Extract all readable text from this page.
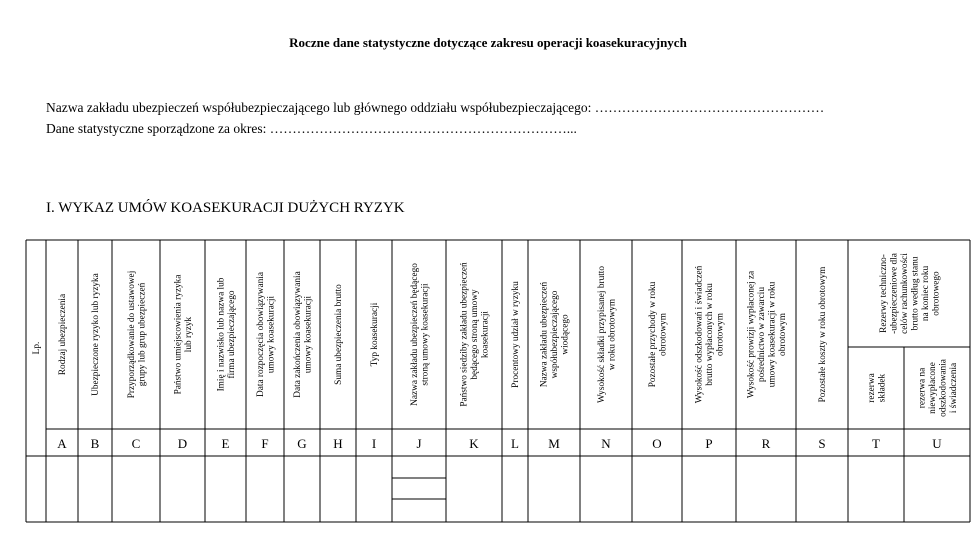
Roczne dane statystyczne dotyczące zakresu operacji koasekuracyjnych
Nazwa zakładu ubezpieczeń współubezpieczającego lub głównego oddziału współubezpieczającego: ……………………………………………
Dane statystyczne sporządzone za okres: …………………………………………………………...
I. WYKAZ UMÓW KOASEKURACJI DUŻYCH RYZYK
Lp. Rodzaj ubezpieczenia
A
Ubezpieczone ryzyko lub ryzyka
B
Przyporządkowanie do ustawowejgrupy lub grup ubezpieczeń
C
Państwo umiejscowienia ryzykalub ryzyk
D
Imię i nazwisko lub nazwa lubfirma ubezpieczającego
E
Data rozpoczęcia obowiązywaniaumowy koasekuracji
F
Data zakończenia obowiązywaniaumowy koasekuracji
G
Suma ubezpieczenia brutto
H
Typ koasekuracji
I
Nazwa zakładu ubezpieczeń będącegostroną umowy koasekuracji
J
Państwo siedziby zakładu ubezpieczeńbędącego stroną umowykoasekuracji
K
Procentowy udział w ryzyku
L
Nazwa zakładu ubezpieczeńwspółubezpieczającegowiodącego
M
Wysokość składki przypisanej bruttow roku obrotowym
N
Pozostałe przychody w rokuobrotowym
O
Wysokość odszkodowań i świadczeńbrutto wypłaconych w rokuobrotowym
P
Wysokość prowizji wypłaconej zapośrednictwo w zawarciuumowy koasekuracji w rokuobrotowym
R
Pozostałe koszty w roku obrotowym
S
Rezerwy techniczno--ubezpieczeniowe dlacelów rachunkowościbrutto według stanuna koniec rokuobrotowego
rezerwaskładek
T
rezerwa naniewypłaconeodszkodowaniai świadczenia
U
